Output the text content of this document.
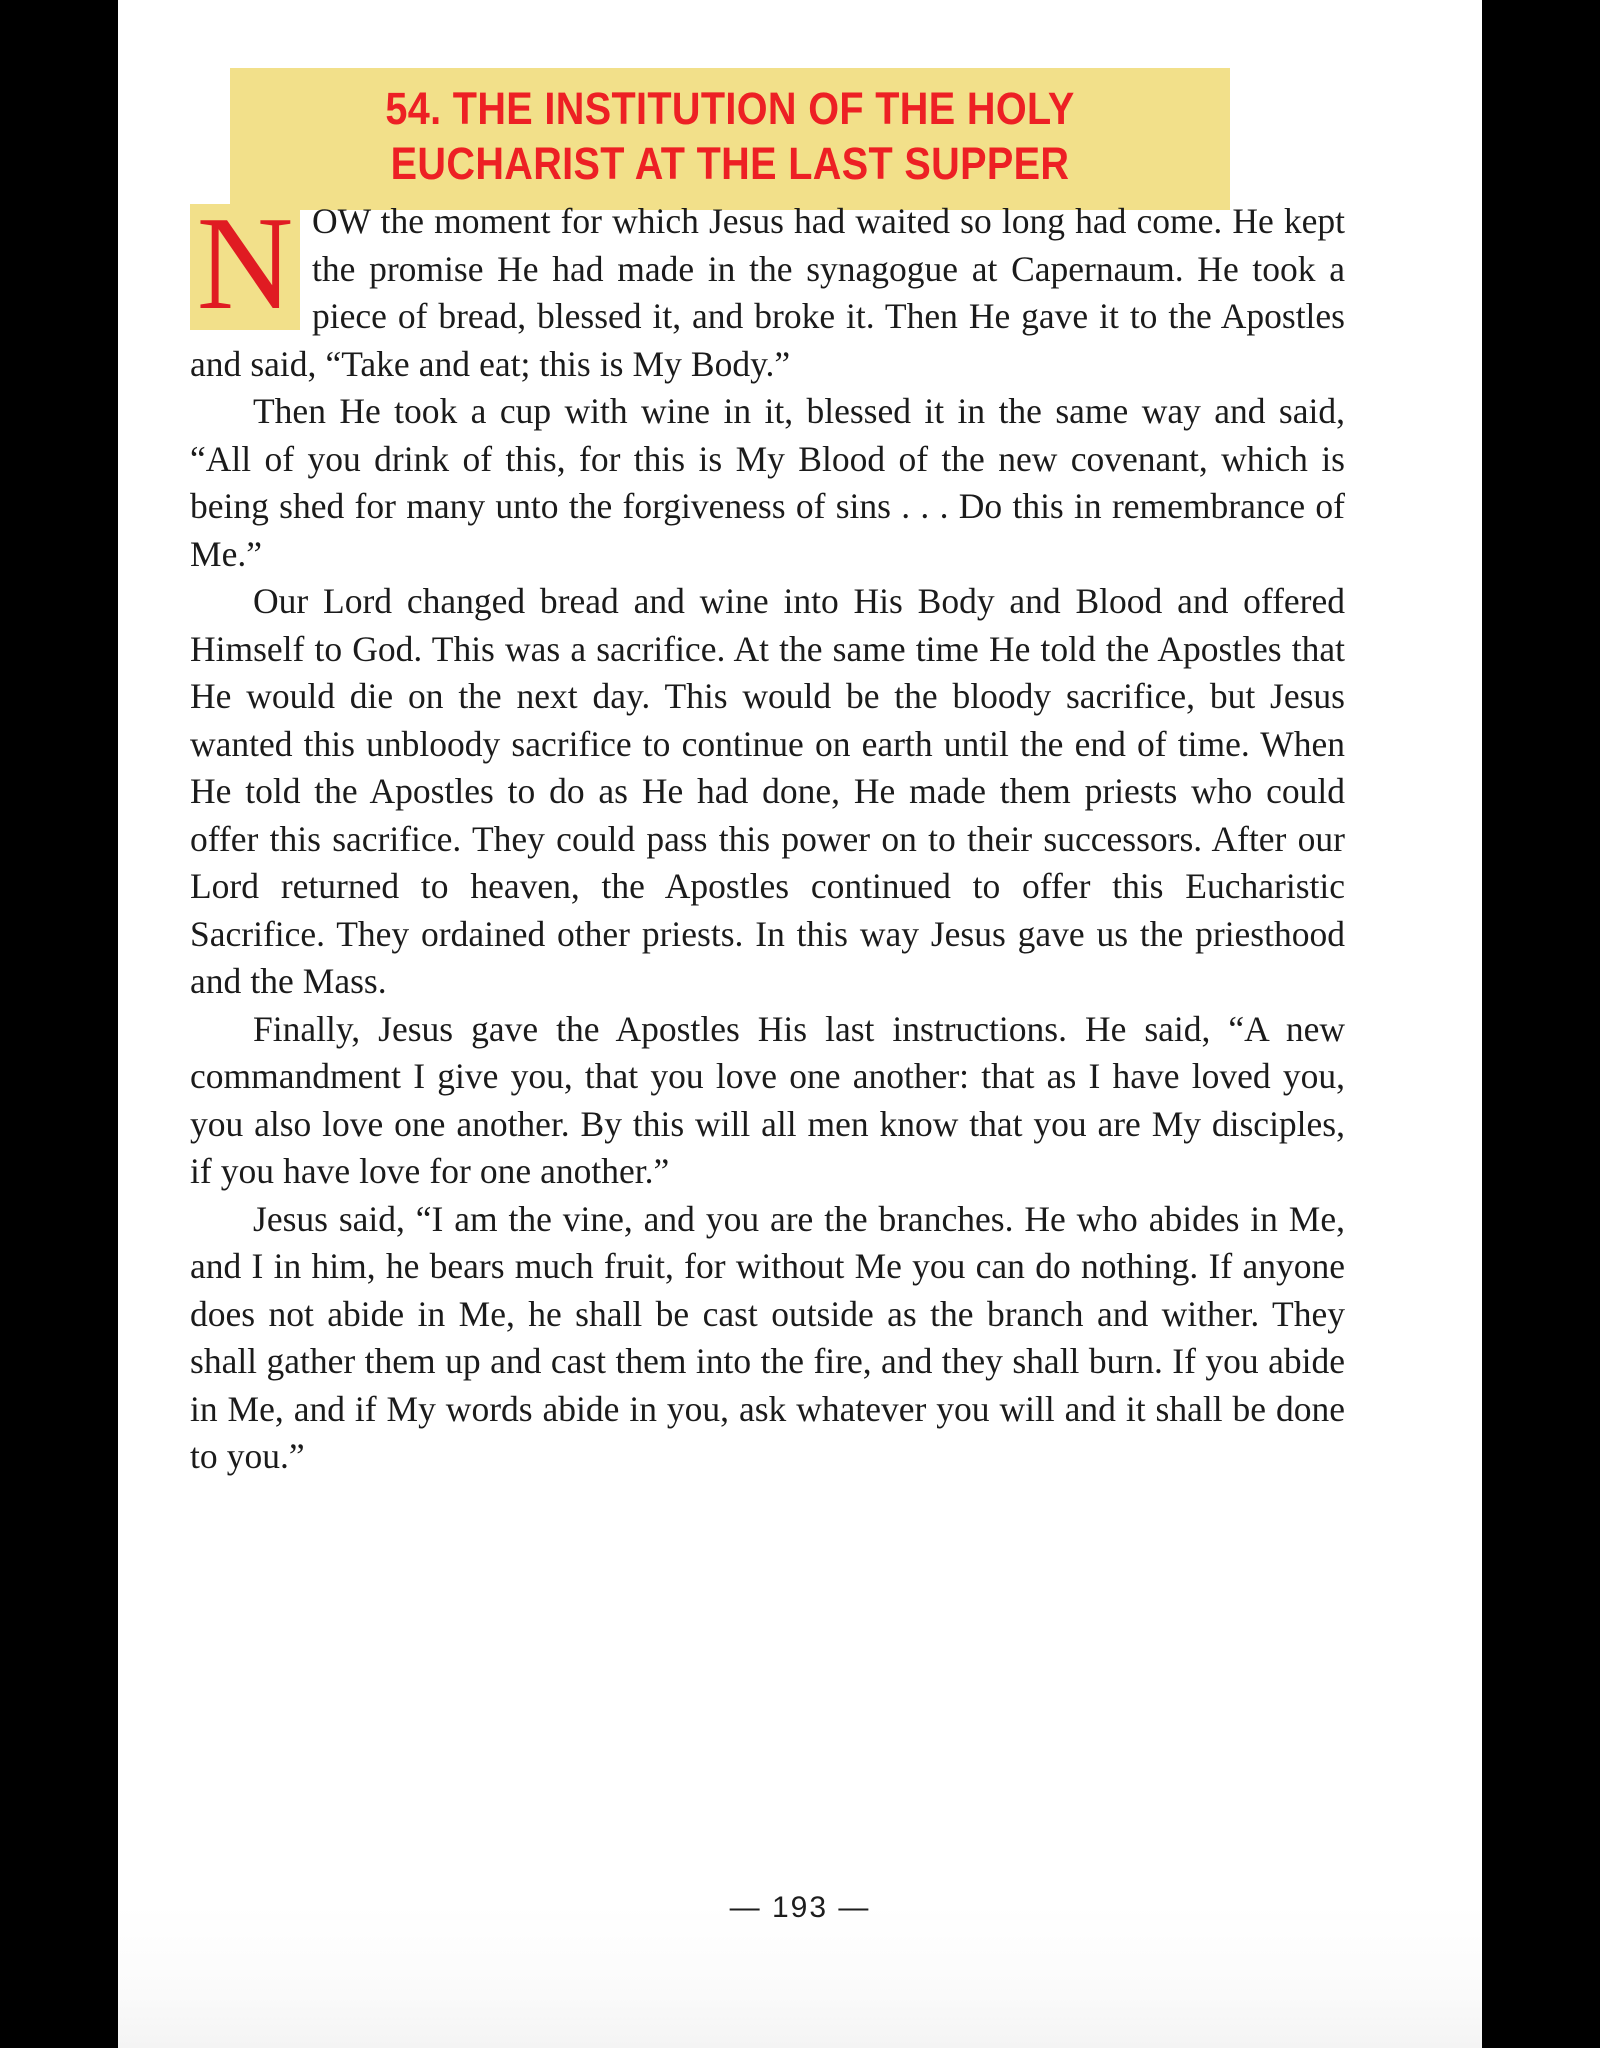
54. THE INSTITUTION OF THE HOLY
EUCHARIST AT THE LAST SUPPER

N OW the moment for which Jesus had waited so long had come. He kept the promise He had made in the synagogue at Capernaum. He took a piece of bread, blessed it, and broke it. Then He gave it to the Apostles and said, “Take and eat; this is My Body.”

Then He took a cup with wine in it, blessed it in the same way and said, “All of you drink of this, for this is My Blood of the new covenant, which is being shed for many unto the forgiveness of sins . . . Do this in remembrance of Me.”

Our Lord changed bread and wine into His Body and Blood and offered Himself to God. This was a sacrifice. At the same time He told the Apostles that He would die on the next day. This would be the bloody sacrifice, but Jesus wanted this unbloody sacrifice to continue on earth until the end of time. When He told the Apostles to do as He had done, He made them priests who could offer this sacrifice. They could pass this power on to their successors. After our Lord returned to heaven, the Apostles continued to offer this Eucharistic Sacrifice. They ordained other priests. In this way Jesus gave us the priesthood and the Mass.

Finally, Jesus gave the Apostles His last instructions. He said, “A new commandment I give you, that you love one another: that as I have loved you, you also love one another. By this will all men know that you are My disciples, if you have love for one another.”

Jesus said, “I am the vine, and you are the branches. He who abides in Me, and I in him, he bears much fruit, for without Me you can do nothing. If anyone does not abide in Me, he shall be cast outside as the branch and wither. They shall gather them up and cast them into the fire, and they shall burn. If you abide in Me, and if My words abide in you, ask whatever you will and it shall be done to you.”

— 193 —
